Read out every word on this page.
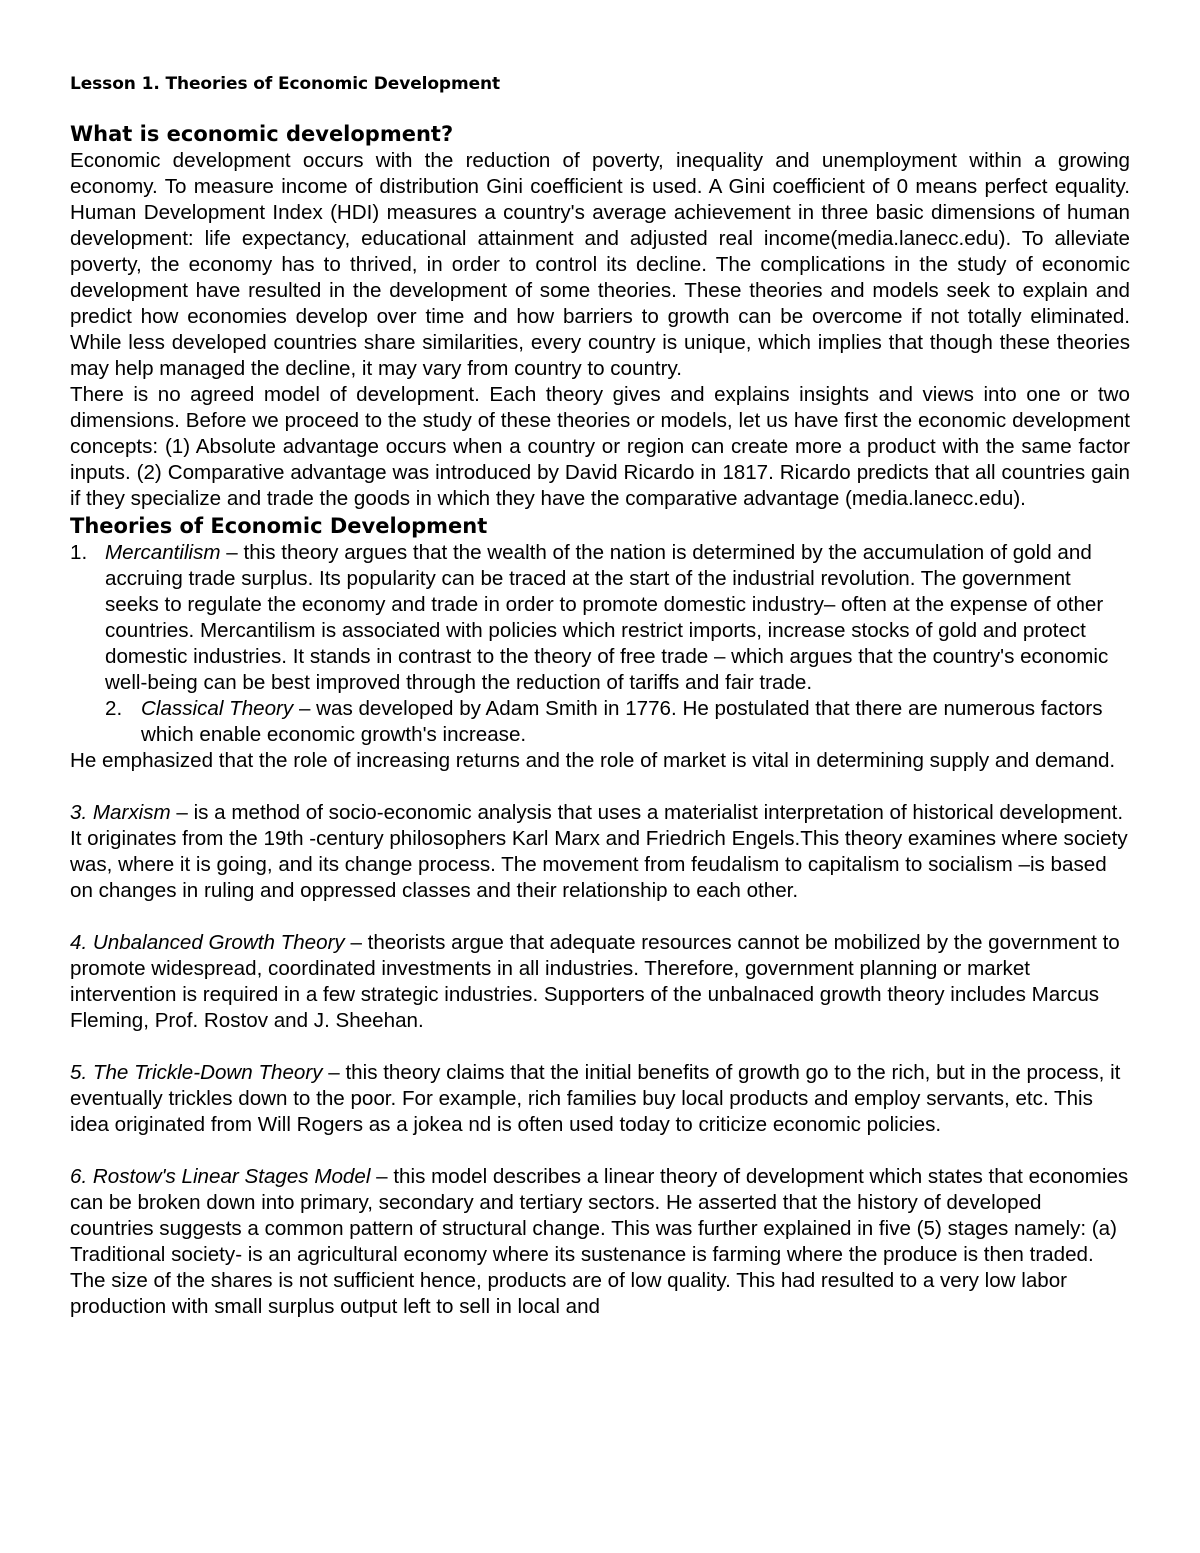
Lesson 1. Theories of Economic Development
What is economic development?

Economic development occurs with the reduction of poverty, inequality and unemployment within a growing economy. To measure income of distribution Gini coefficient is used. A Gini coefficient of 0 means perfect equality. Human Development Index (HDI) measures a country's average achievement in three basic dimensions of human development: life expectancy, educational attainment and adjusted real income(media.lanecc.edu). To alleviate poverty, the economy has to thrived, in order to control its decline. The complications in the study of economic development have resulted in the development of some theories. These theories and models seek to explain and predict how economies develop over time and how barriers to growth can be overcome if not totally eliminated. While less developed countries share similarities, every country is unique, which implies that though these theories may help managed the decline, it may vary from country to country.

There is no agreed model of development. Each theory gives and explains insights and views into one or two dimensions. Before we proceed to the study of these theories or models, let us have first the economic development concepts: (1) Absolute advantage occurs when a country or region can create more a product with the same factor inputs. (2) Comparative advantage was introduced by David Ricardo in 1817. Ricardo predicts that all countries gain if they specialize and trade the goods in which they have the comparative advantage (media.lanecc.edu).

Theories of Economic Development
1. Mercantilism – this theory argues that the wealth of the nation is determined by the accumulation of gold and accruing trade surplus. Its popularity can be traced at the start of the industrial revolution. The government seeks to regulate the economy and trade in order to promote domestic industry– often at the expense of other countries. Mercantilism is associated with policies which restrict imports, increase stocks of gold and protect domestic industries. It stands in contrast to the theory of free trade – which argues that the country's economic well-being can be best improved through the reduction of tariffs and fair trade.

2. Classical Theory – was developed by Adam Smith in 1776. He postulated that there are numerous factors which enable economic growth's increase.

He emphasized that the role of increasing returns and the role of market is vital in determining supply and demand.

3. Marxism – is a method of socio-economic analysis that uses a materialist interpretation of historical development. It originates from the 19th -century philosophers Karl Marx and Friedrich Engels.This theory examines where society was, where it is going, and its change process. The movement from feudalism to capitalism to socialism –is based on changes in ruling and oppressed classes and their relationship to each other.

4. Unbalanced Growth Theory – theorists argue that adequate resources cannot be mobilized by the government to promote widespread, coordinated investments in all industries. Therefore, government planning or market intervention is required in a few strategic industries. Supporters of the unbalnaced growth theory includes Marcus Fleming, Prof. Rostov and J. Sheehan.

5. The Trickle-Down Theory – this theory claims that the initial benefits of growth go to the rich, but in the process, it eventually trickles down to the poor. For example, rich families buy local products and employ servants, etc. This idea originated from Will Rogers as a jokea nd is often used today to criticize economic policies.

6. Rostow's Linear Stages Model – this model describes a linear theory of development which states that economies can be broken down into primary, secondary and tertiary sectors. He asserted that the history of developed countries suggests a common pattern of structural change. This was further explained in five (5) stages namely: (a) Traditional society- is an agricultural economy where its sustenance is farming where the produce is then traded. The size of the shares is not sufficient hence, products are of low quality. This had resulted to a very low labor production with small surplus output left to sell in local and
